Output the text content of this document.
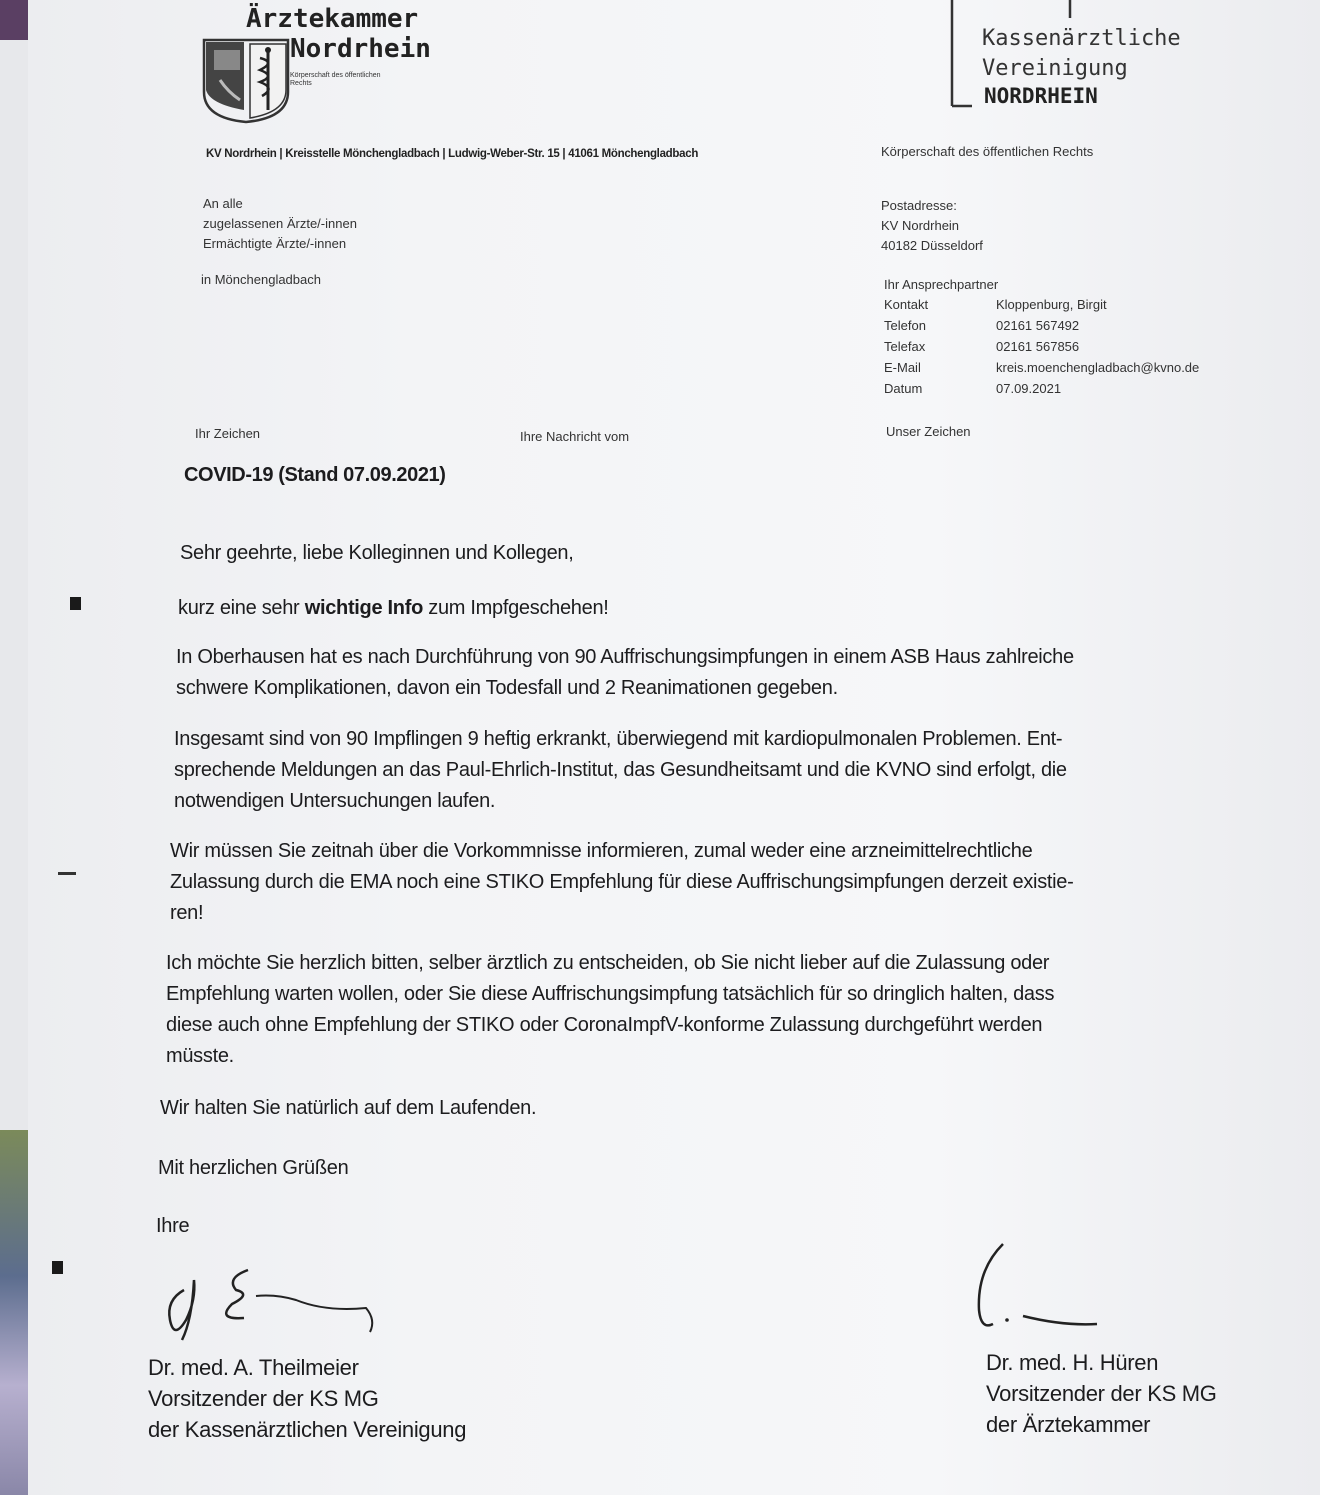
Ärztekammer
Nordrhein
Körperschaft des öffentlichen Rechts
Kassenärztliche
Vereinigung
NORDRHEIN
KV Nordrhein | Kreisstelle Mönchengladbach | Ludwig-Weber-Str. 15 | 41061 Mönchengladbach	Körperschaft des öffentlichen Rechts
An alle
zugelassenen Ärzte/-innen
Ermächtigte Ärzte/-innen
in Mönchengladbach
Postadresse:
KV Nordrhein
40182 Düsseldorf
Ihr Ansprechpartner
Kontakt	Kloppenburg, Birgit
Telefon	02161 567492
Telefax	02161 567856
E-Mail	kreis.moenchengladbach@kvno.de
Datum	07.09.2021
Ihr Zeichen	Ihre Nachricht vom	Unser Zeichen
COVID-19 (Stand 07.09.2021)
Sehr geehrte, liebe Kolleginnen und Kollegen,
kurz eine sehr wichtige Info zum Impfgeschehen!
In Oberhausen hat es nach Durchführung von 90 Auffrischungsimpfungen in einem ASB Haus zahlreiche
schwere Komplikationen, davon ein Todesfall und 2 Reanimationen gegeben.
Insgesamt sind von 90 Impflingen 9 heftig erkrankt, überwiegend mit kardiopulmonalen Problemen. Ent-
sprechende Meldungen an das Paul-Ehrlich-Institut, das Gesundheitsamt und die KVNO sind erfolgt, die
notwendigen Untersuchungen laufen.
Wir müssen Sie zeitnah über die Vorkommnisse informieren, zumal weder eine arzneimittelrechtliche
Zulassung durch die EMA noch eine STIKO Empfehlung für diese Auffrischungsimpfungen derzeit existie-
ren!
Ich möchte Sie herzlich bitten, selber ärztlich zu entscheiden, ob Sie nicht lieber auf die Zulassung oder
Empfehlung warten wollen, oder Sie diese Auffrischungsimpfung tatsächlich für so dringlich halten, dass
diese auch ohne Empfehlung der STIKO oder CoronaImpfV-konforme Zulassung durchgeführt werden
müsste.
Wir halten Sie natürlich auf dem Laufenden.
Mit herzlichen Grüßen
Ihre
Dr. med. A. Theilmeier
Vorsitzender der KS MG
der Kassenärztlichen Vereinigung
Dr. med. H. Hüren
Vorsitzender der KS MG
der Ärztekammer
